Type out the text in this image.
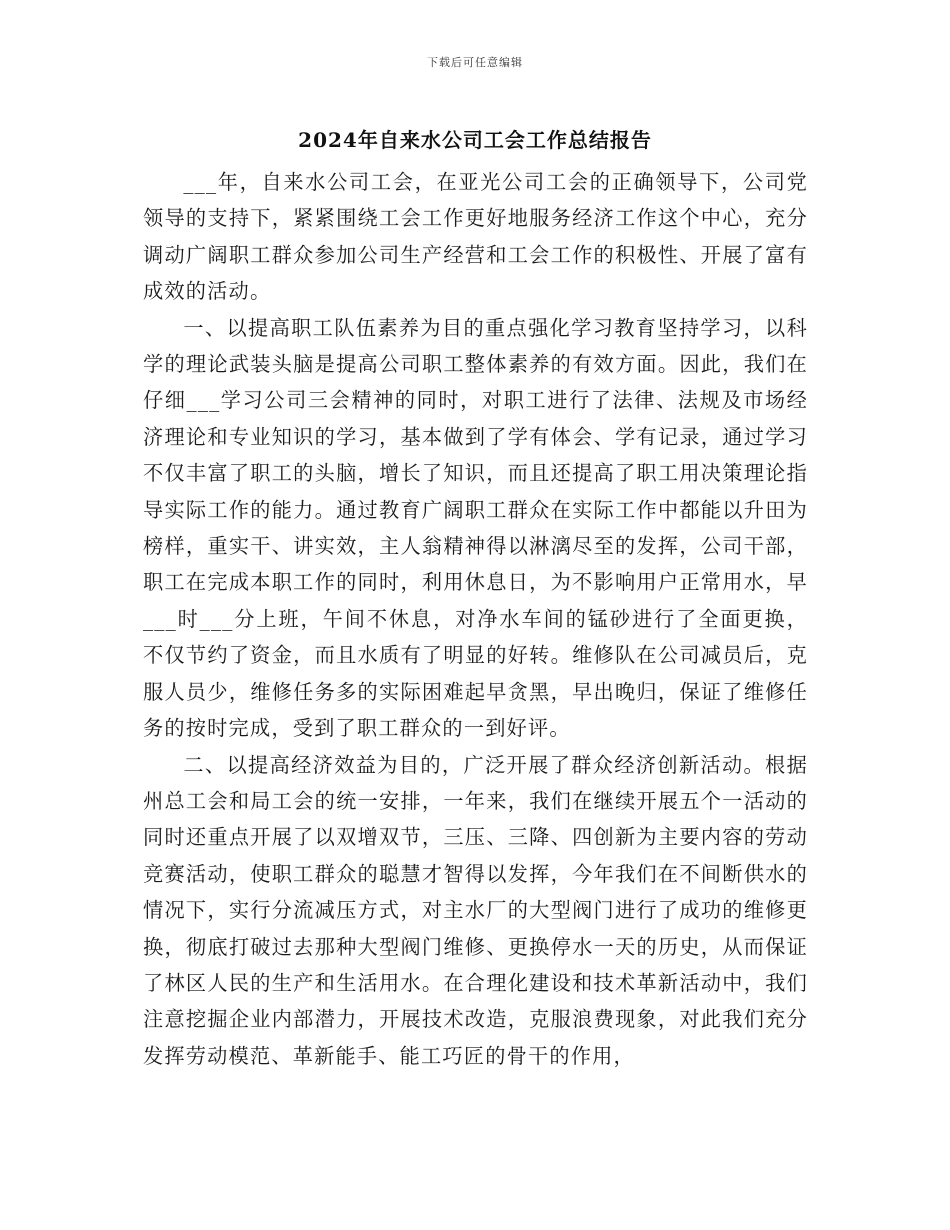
下载后可任意编辑
2024年自来水公司工会工作总结报告

___年，自来水公司工会，在亚光公司工会的正确领导下，公司党领导的支持下，紧紧围绕工会工作更好地服务经济工作这个中心，充分调动广阔职工群众参加公司生产经营和工会工作的积极性、开展了富有成效的活动。

一、以提高职工队伍素养为目的重点强化学习教育坚持学习，以科学的理论武装头脑是提高公司职工整体素养的有效方面。因此，我们在仔细___学习公司三会精神的同时，对职工进行了法律、法规及市场经济理论和专业知识的学习，基本做到了学有体会、学有记录，通过学习不仅丰富了职工的头脑，增长了知识，而且还提高了职工用决策理论指导实际工作的能力。通过教育广阔职工群众在实际工作中都能以升田为榜样，重实干、讲实效，主人翁精神得以淋漓尽至的发挥，公司干部，职工在完成本职工作的同时，利用休息日，为不影响用户正常用水，早___时___分上班，午间不休息，对净水车间的锰砂进行了全面更换，不仅节约了资金，而且水质有了明显的好转。维修队在公司减员后，克服人员少，维修任务多的实际困难起早贪黑，早出晚归，保证了维修任务的按时完成，受到了职工群众的一到好评。

二、以提高经济效益为目的，广泛开展了群众经济创新活动。根据州总工会和局工会的统一安排，一年来，我们在继续开展五个一活动的同时还重点开展了以双增双节，三压、三降、四创新为主要内容的劳动竞赛活动，使职工群众的聪慧才智得以发挥，今年我们在不间断供水的情况下，实行分流减压方式，对主水厂的大型阀门进行了成功的维修更换，彻底打破过去那种大型阀门维修、更换停水一天的历史，从而保证了林区人民的生产和生活用水。在合理化建设和技术革新活动中，我们注意挖掘企业内部潜力，开展技术改造，克服浪费现象，对此我们充分发挥劳动模范、革新能手、能工巧匠的骨干的作用，
